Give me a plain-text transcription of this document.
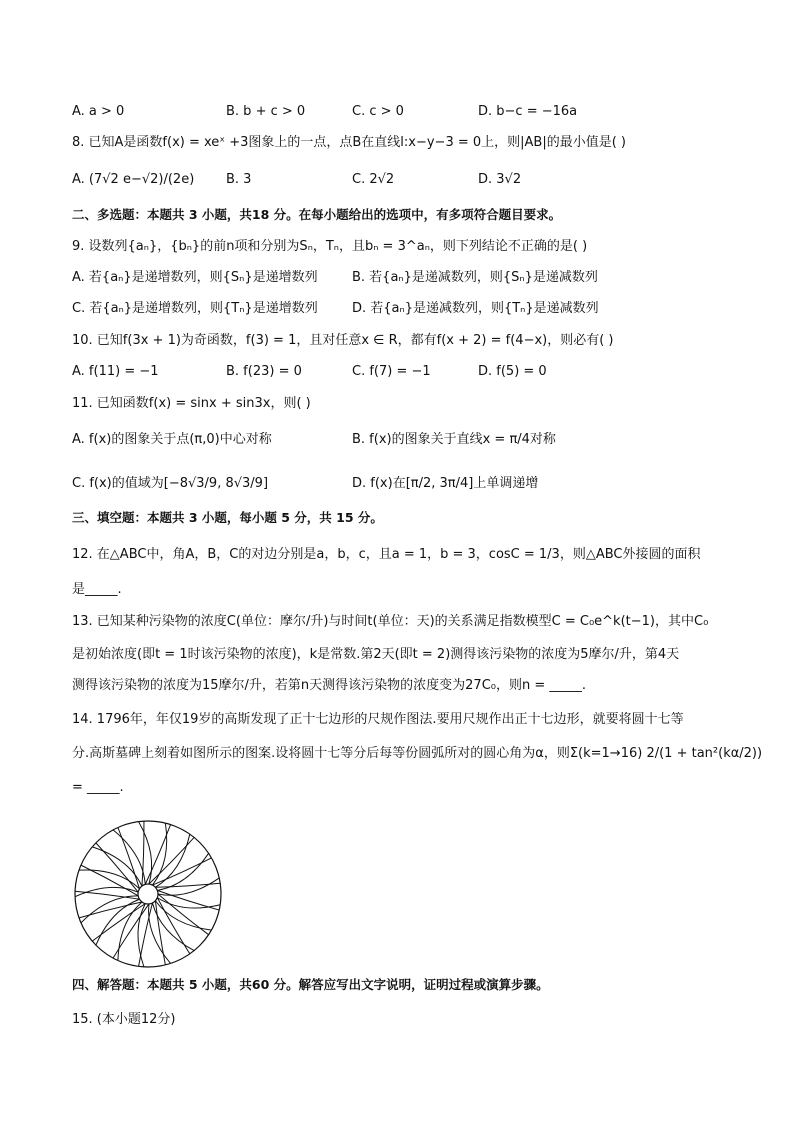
A. a > 0	B. b + c > 0	C. c > 0	D. b−c = −16a
8. 已知A是函数f(x) = xeˣ +3图象上的一点，点B在直线l:x−y−3 = 0上，则|AB|的最小值是( )
A. (7√2 e−√2)/(2e) B. 3	C. 2√2	D. 3√2
二、多选题：本题共 3 小题，共18 分。在每小题给出的选项中，有多项符合题目要求。
9. 设数列{aₙ}，{bₙ}的前n项和分别为Sₙ，Tₙ，且bₙ = 3^aₙ，则下列结论不正确的是( )
A. 若{aₙ}是递增数列，则{Sₙ}是递增数列	B. 若{aₙ}是递减数列，则{Sₙ}是递减数列
C. 若{aₙ}是递增数列，则{Tₙ}是递增数列	D. 若{aₙ}是递减数列，则{Tₙ}是递减数列
10. 已知f(3x + 1)为奇函数，f(3) = 1，且对任意x ∈ R，都有f(x + 2) = f(4−x)，则必有( )
A. f(11) = −1	B. f(23) = 0	C. f(7) = −1	D. f(5) = 0
11. 已知函数f(x) = sinx + sin3x，则( )
A. f(x)的图象关于点(π,0)中心对称	B. f(x)的图象关于直线x = π/4对称
C. f(x)的值域为[−8√3/9, 8√3/9]	D. f(x)在[π/2, 3π/4]上单调递增
三、填空题：本题共 3 小题，每小题 5 分，共 15 分。
12. 在△ABC中，角A，B，C的对边分别是a，b，c，且a = 1，b = 3，cosC = 1/3，则△ABC外接圆的面积
是_____.
13. 已知某种污染物的浓度C(单位：摩尔/升)与时间t(单位：天)的关系满足指数模型C = C₀e^k(t−1)，其中C₀
是初始浓度(即t = 1时该污染物的浓度)，k是常数.第2天(即t = 2)测得该污染物的浓度为5摩尔/升，第4天
测得该污染物的浓度为15摩尔/升，若第n天测得该污染物的浓度变为27C₀，则n = _____.
14. 1796年，年仅19岁的高斯发现了正十七边形的尺规作图法.要用尺规作出正十七边形，就要将圆十七等
分.高斯墓碑上刻着如图所示的图案.设将圆十七等分后每等份圆弧所对的圆心角为α，则Σ(k=1→16) 2/(1 + tan²(kα/2))
= _____.
四、解答题：本题共 5 小题，共60 分。解答应写出文字说明，证明过程或演算步骤。
15. (本小题12分)
